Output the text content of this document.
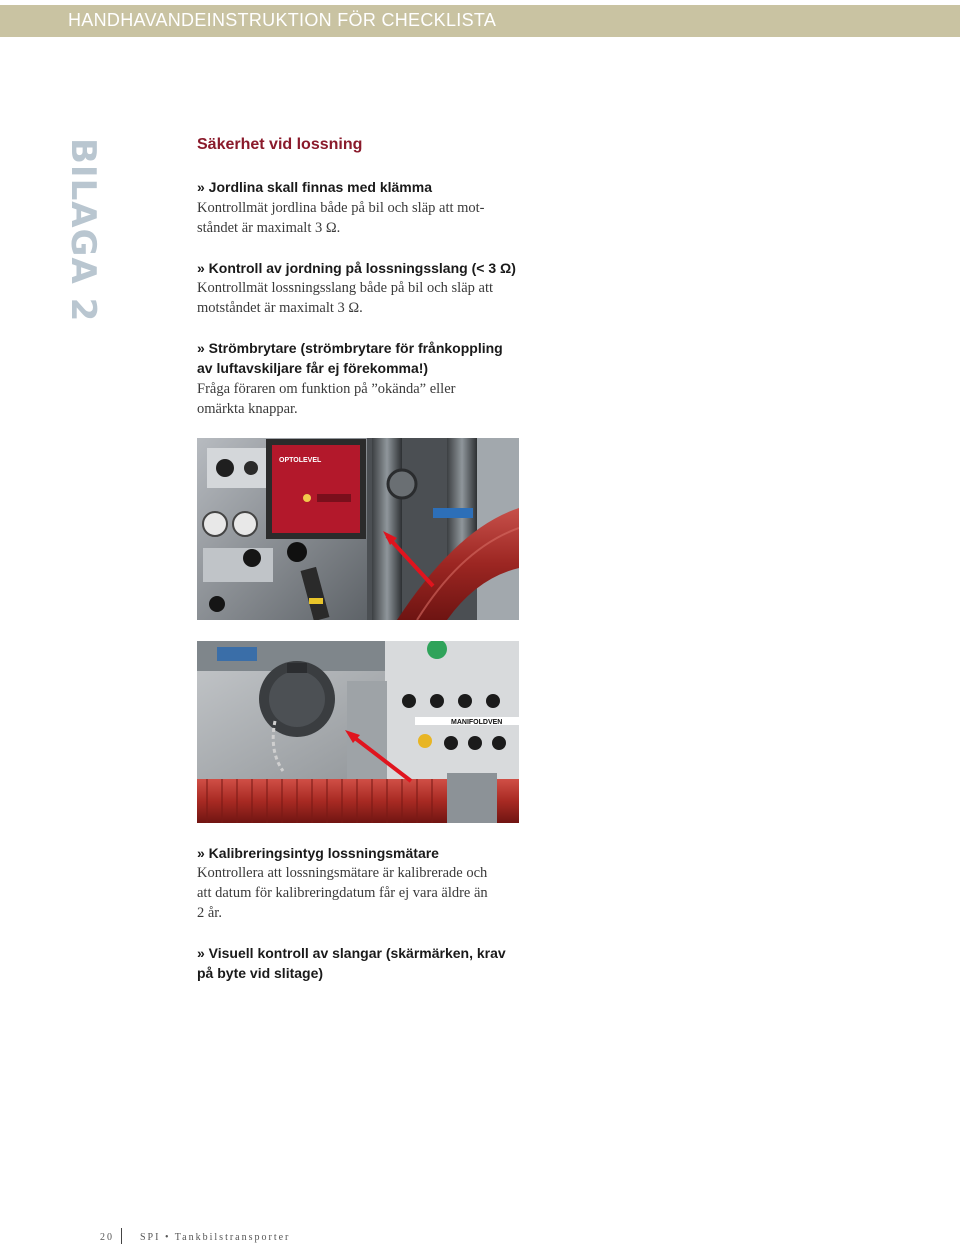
HANDHAVANDEINSTRUKTION FÖR CHECKLISTA
BILAGA 2	Säkerhet vid lossning
» Jordlina skall finnas med klämma
Kontrollmät jordlina både på bil och släp att mot-
ståndet är maximalt 3 Ω.
» Kontroll av jordning på lossningsslang (< 3 Ω)
Kontrollmät lossningsslang både på bil och släp att
motståndet är maximalt 3 Ω.
» Strömbrytare (strömbrytare för frånkoppling
av luftavskiljare får ej förekomma!)
Fråga föraren om funktion på ”okända” eller
omärkta knappar.
OPTOLEVEL
MANIFOLDVEN
» Kalibreringsintyg lossningsmätare
Kontrollera att lossningsmätare är kalibrerade och
att datum för kalibreringdatum får ej vara äldre än
2 år.
» Visuell kontroll av slangar (skärmärken, krav
på byte vid slitage)
20	SPI • Tankbilstransporter
